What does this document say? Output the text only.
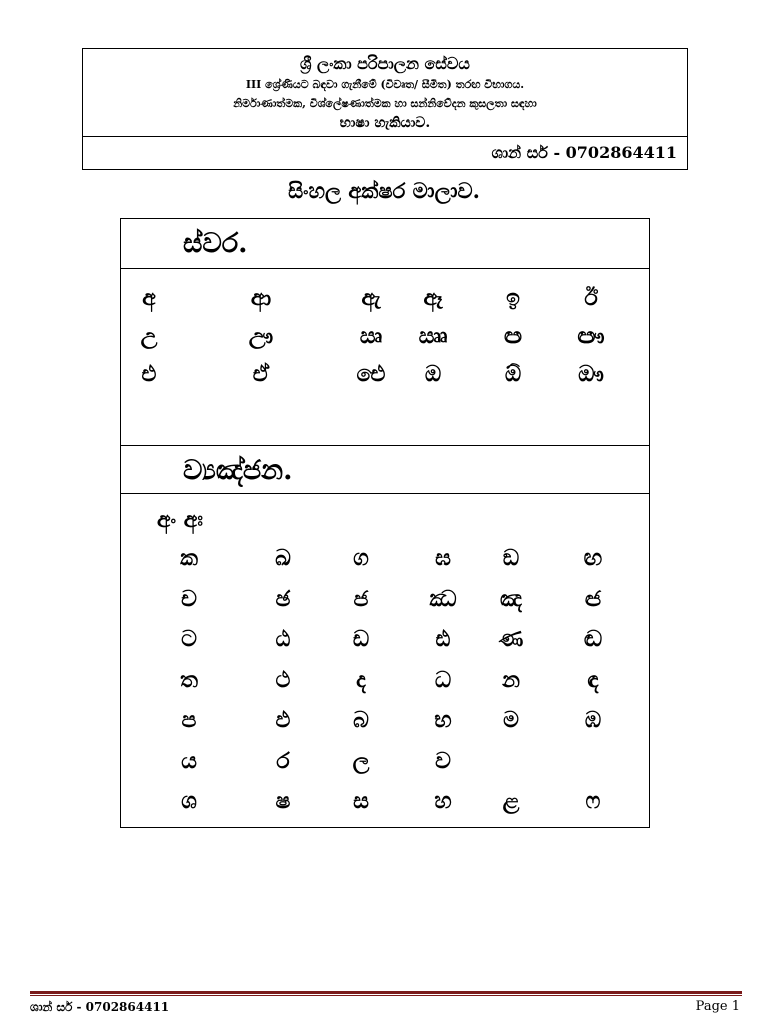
ශ්‍රී ලංකා පරිපාලන සේවය
III ශ්‍රේණියට බඳවා ගැනීමේ (විවෘත/ සීමිත) තරඟ විභාගය.
නිර්මාණාත්මක, විශ්ලේෂණාත්මක හා සන්නිවේදන කුසලතා සඳහා
භාෂා හැකියාව.
ශාන් සර් - 0702864411
සිංහල අක්ෂර මාලාව.
ස්වර.
ව්‍යඤ්ජන.
අං අඃ
අ	ආ	ඇ	ඈ	ඉ	ඊ
උ	ඌ	ඍ	ඎ	ඏ	ඐ
එ	ඒ	ඓ	ඔ	ඕ	ඖ
ක	ඛ	ග	ඝ	ඞ	ඟ
ච	ඡ	ජ	ඣ	ඤ	ඦ
ට	ඨ	ඩ	ඪ	ණ	ඬ
ත	ථ	ද	ධ	න	ඳ
ප	ඵ	බ	භ	ම	ඹ
ය	ර	ල	ව
ශ	ෂ	ස	හ	ළ	ෆ
ශාන් සර් - 0702864411	Page 1
